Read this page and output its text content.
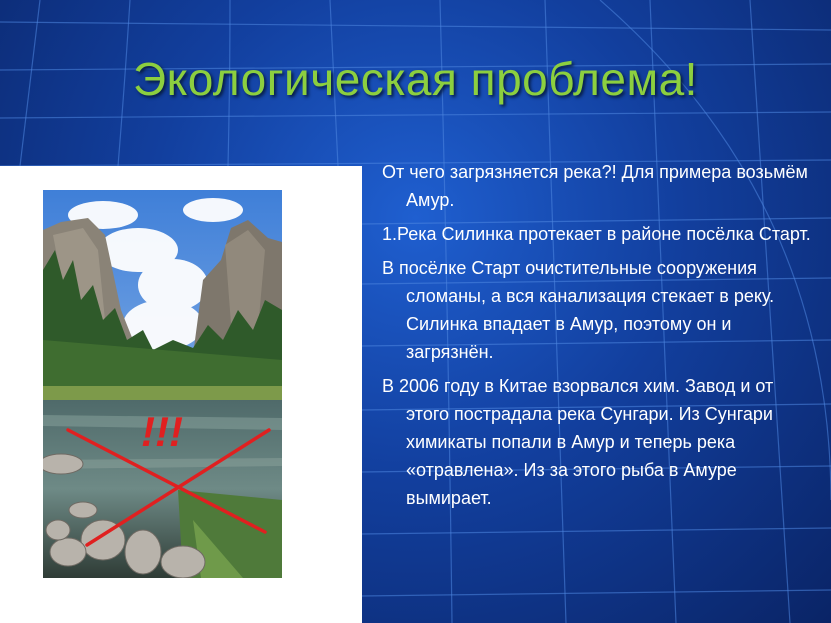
Экологическая проблема!
!!!

От чего загрязняется река?! Для примера возьмём Амур.

1.Река Силинка протекает в районе посёлка Старт.

В посёлке Старт очистительные сооружения сломаны, а вся канализация стекает в реку. Силинка впадает в Амур, поэтому он и загрязнён.

В 2006 году в Китае взорвался хим. Завод и от этого пострадала река Сунгари. Из Сунгари химикаты попали в Амур и теперь река «отравлена». Из за этого рыба в Амуре вымирает.
